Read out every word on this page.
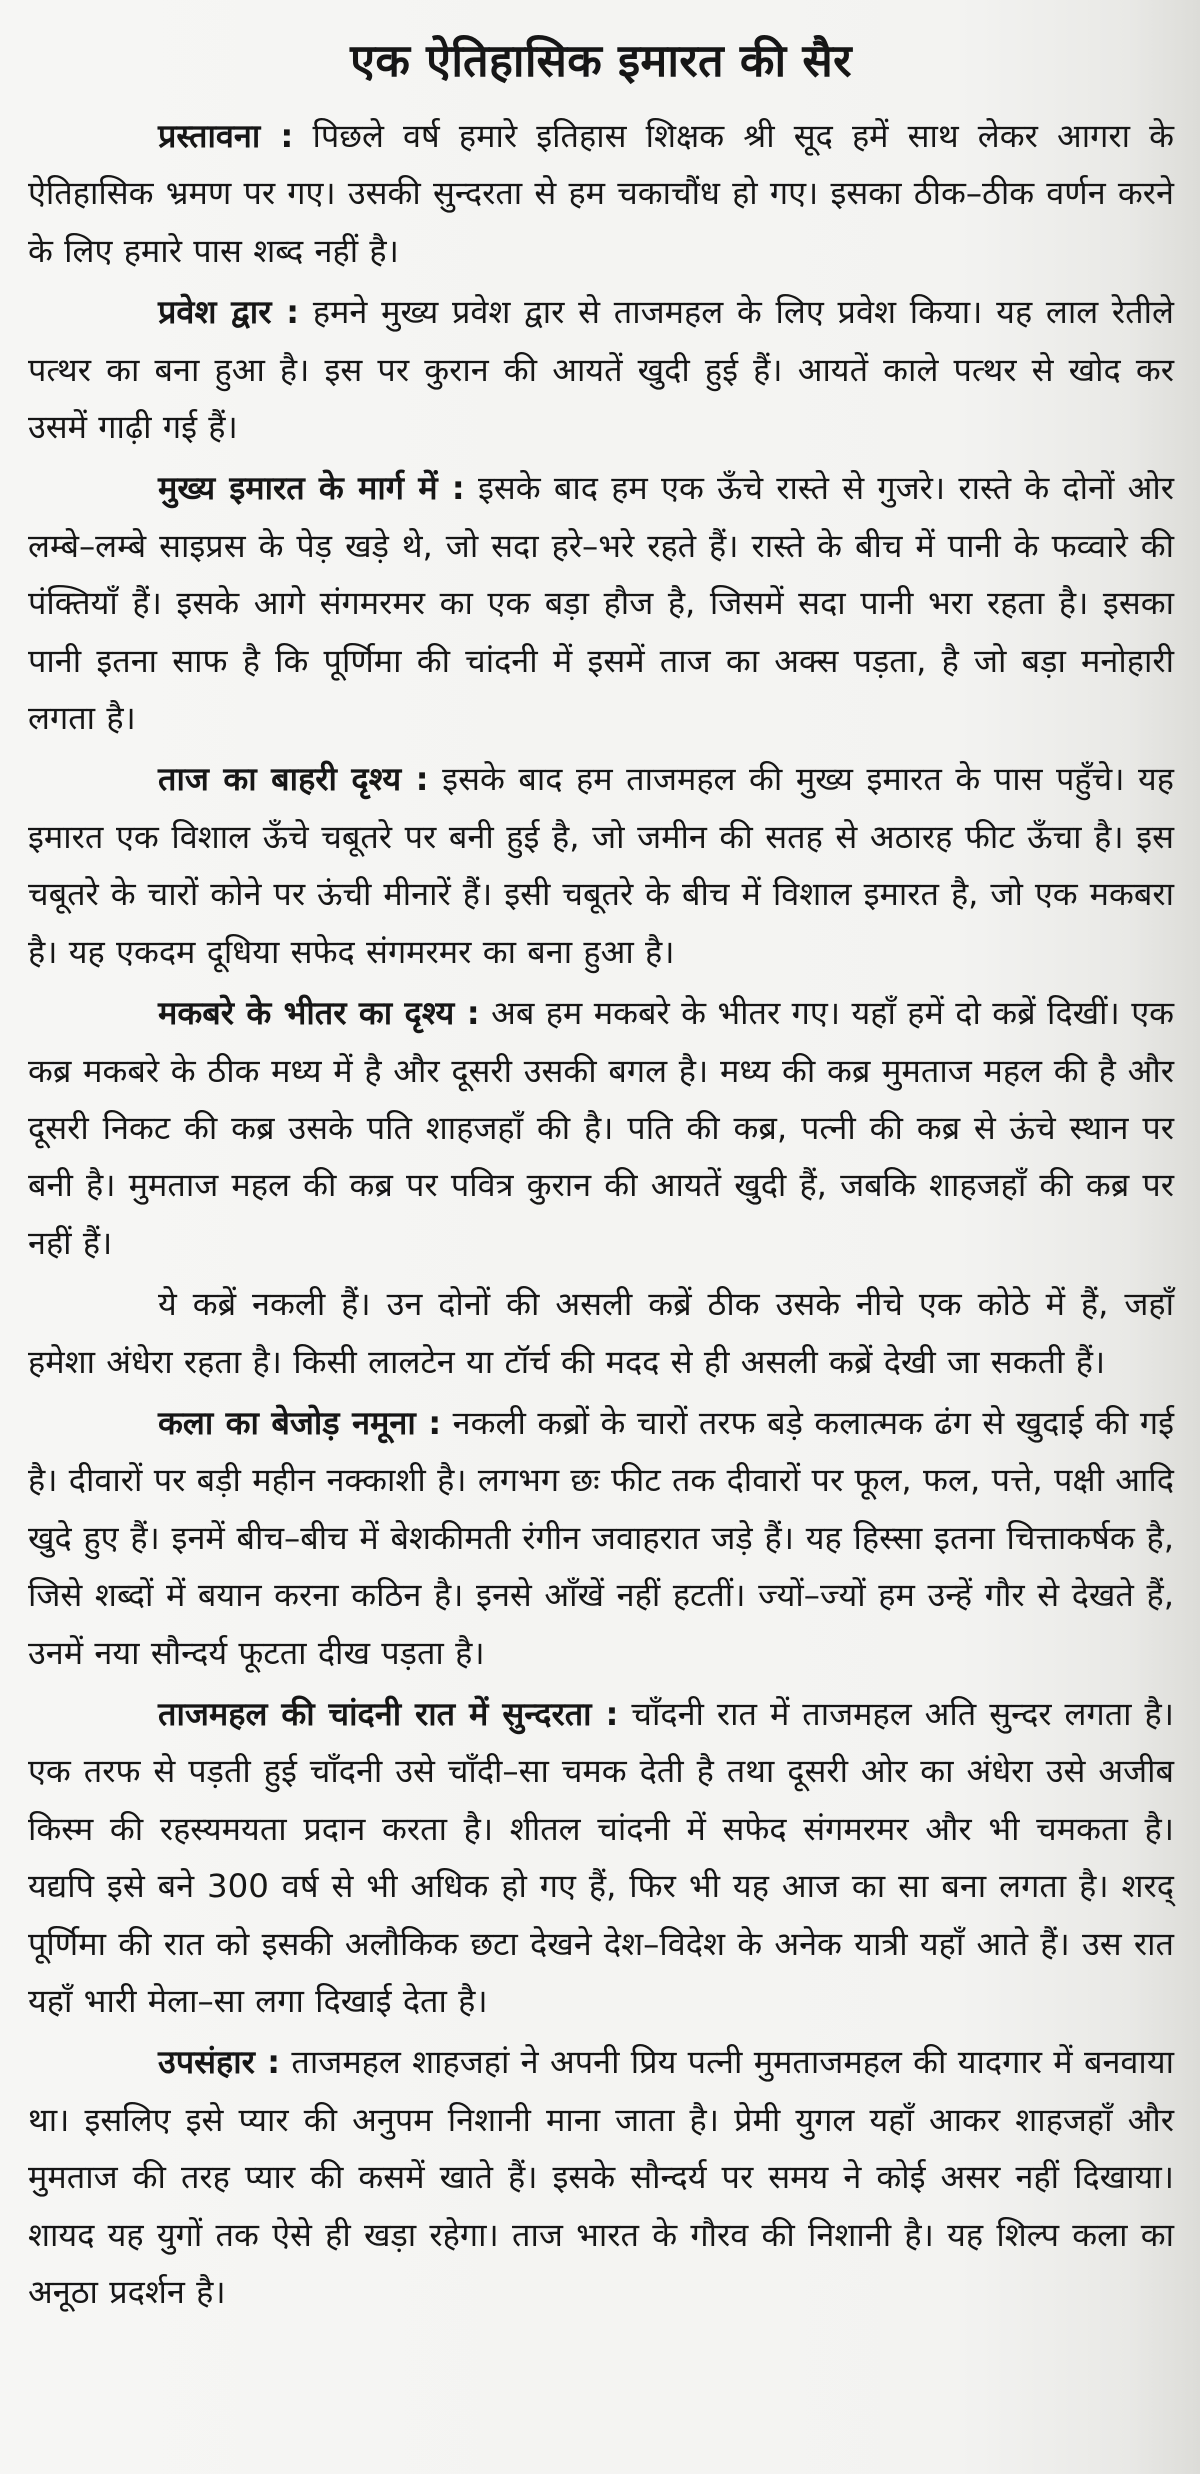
एक ऐतिहासिक इमारत की सैर

प्रस्तावना : पिछले वर्ष हमारे इतिहास शिक्षक श्री सूद हमें साथ लेकर आगरा के ऐतिहासिक भ्रमण पर गए। उसकी सुन्दरता से हम चकाचौंध हो गए। इसका ठीक–ठीक वर्णन करने के लिए हमारे पास शब्द नहीं है।

प्रवेश द्वार : हमने मुख्य प्रवेश द्वार से ताजमहल के लिए प्रवेश किया। यह लाल रेतीले पत्थर का बना हुआ है। इस पर कुरान की आयतें खुदी हुई हैं। आयतें काले पत्थर से खोद कर उसमें गाढ़ी गई हैं।

मुख्य इमारत के मार्ग में : इसके बाद हम एक ऊँचे रास्ते से गुजरे। रास्ते के दोनों ओर लम्बे–लम्बे साइप्रस के पेड़ खड़े थे, जो सदा हरे–भरे रहते हैं। रास्ते के बीच में पानी के फव्वारे की पंक्तियाँ हैं। इसके आगे संगमरमर का एक बड़ा हौज है, जिसमें सदा पानी भरा रहता है। इसका पानी इतना साफ है कि पूर्णिमा की चांदनी में इसमें ताज का अक्स पड़ता, है जो बड़ा मनोहारी लगता है।

ताज का बाहरी दृश्य : इसके बाद हम ताजमहल की मुख्य इमारत के पास पहुँचे। यह इमारत एक विशाल ऊँचे चबूतरे पर बनी हुई है, जो जमीन की सतह से अठारह फीट ऊँचा है। इस चबूतरे के चारों कोने पर ऊंची मीनारें हैं। इसी चबूतरे के बीच में विशाल इमारत है, जो एक मकबरा है। यह एकदम दूधिया सफेद संगमरमर का बना हुआ है।

मकबरे के भीतर का दृश्य : अब हम मकबरे के भीतर गए। यहाँ हमें दो कब्रें दिखीं। एक कब्र मकबरे के ठीक मध्य में है और दूसरी उसकी बगल है। मध्य की कब्र मुमताज महल की है और दूसरी निकट की कब्र उसके पति शाहजहाँ की है। पति की कब्र, पत्नी की कब्र से ऊंचे स्थान पर बनी है। मुमताज महल की कब्र पर पवित्र कुरान की आयतें खुदी हैं, जबकि शाहजहाँ की कब्र पर नहीं हैं।

ये कब्रें नकली हैं। उन दोनों की असली कब्रें ठीक उसके नीचे एक कोठे में हैं, जहाँ हमेशा अंधेरा रहता है। किसी लालटेन या टॉर्च की मदद से ही असली कब्रें देखी जा सकती हैं।

कला का बेजोड़ नमूना : नकली कब्रों के चारों तरफ बड़े कलात्मक ढंग से खुदाई की गई है। दीवारों पर बड़ी महीन नक्काशी है। लगभग छः फीट तक दीवारों पर फूल, फल, पत्ते, पक्षी आदि खुदे हुए हैं। इनमें बीच–बीच में बेशकीमती रंगीन जवाहरात जड़े हैं। यह हिस्सा इतना चित्ताकर्षक है, जिसे शब्दों में बयान करना कठिन है। इनसे आँखें नहीं हटतीं। ज्यों–ज्यों हम उन्हें गौर से देखते हैं, उनमें नया सौन्दर्य फूटता दीख पड़ता है।

ताजमहल की चांदनी रात में सुन्दरता : चाँदनी रात में ताजमहल अति सुन्दर लगता है। एक तरफ से पड़ती हुई चाँदनी उसे चाँदी–सा चमक देती है तथा दूसरी ओर का अंधेरा उसे अजीब किस्म की रहस्यमयता प्रदान करता है। शीतल चांदनी में सफेद संगमरमर और भी चमकता है। यद्यपि इसे बने 300 वर्ष से भी अधिक हो गए हैं, फिर भी यह आज का सा बना लगता है। शरद् पूर्णिमा की रात को इसकी अलौकिक छटा देखने देश–विदेश के अनेक यात्री यहाँ आते हैं। उस रात यहाँ भारी मेला–सा लगा दिखाई देता है।

उपसंहार : ताजमहल शाहजहां ने अपनी प्रिय पत्नी मुमताजमहल की यादगार में बनवाया था। इसलिए इसे प्यार की अनुपम निशानी माना जाता है। प्रेमी युगल यहाँ आकर शाहजहाँ और मुमताज की तरह प्यार की कसमें खाते हैं। इसके सौन्दर्य पर समय ने कोई असर नहीं दिखाया। शायद यह युगों तक ऐसे ही खड़ा रहेगा। ताज भारत के गौरव की निशानी है। यह शिल्प कला का अनूठा प्रदर्शन है।
